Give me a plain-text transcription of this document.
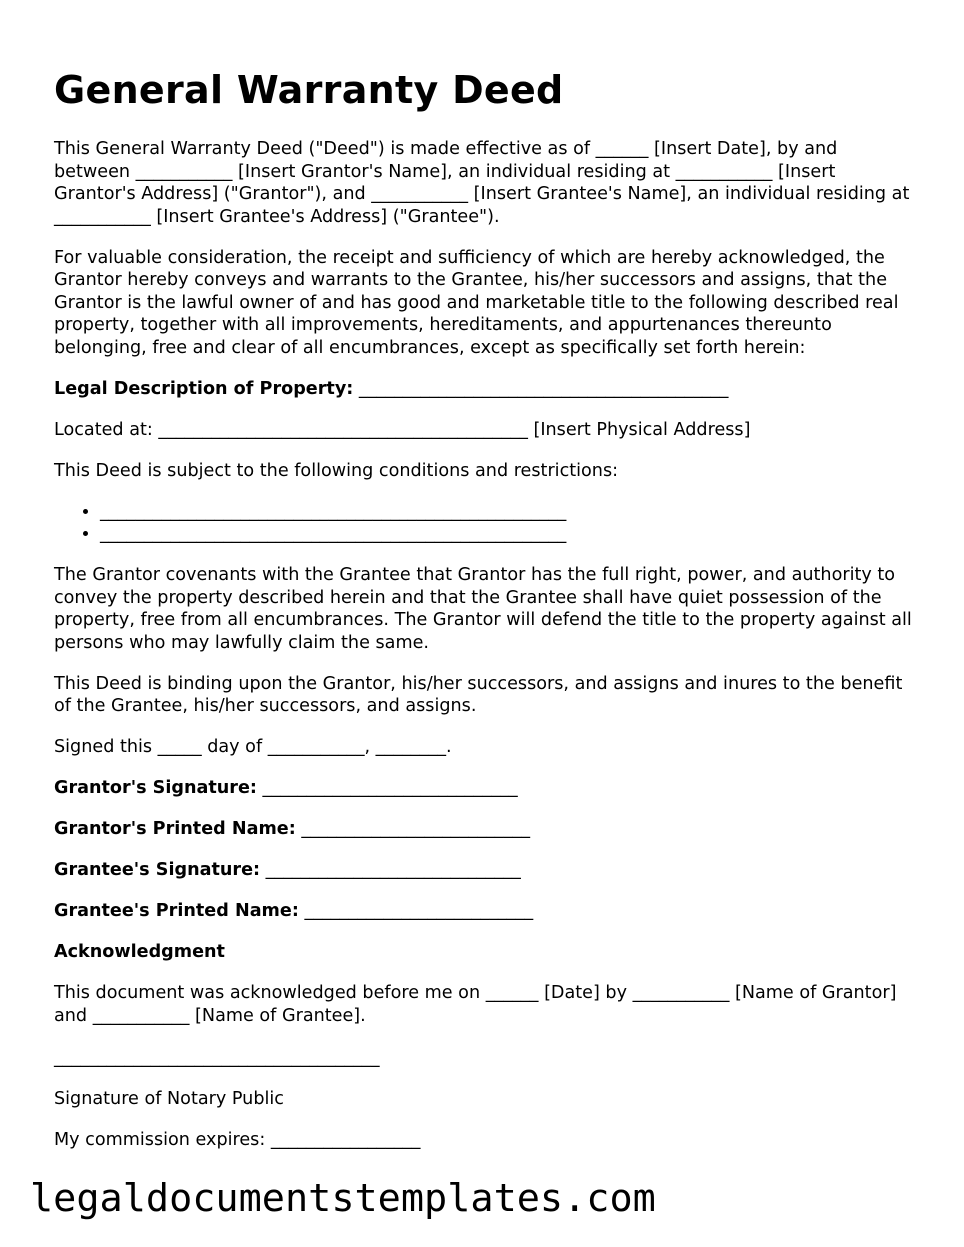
General Warranty Deed

This General Warranty Deed ("Deed") is made effective as of ______ [Insert Date], by and between ___________ [Insert Grantor's Name], an individual residing at ___________ [Insert Grantor's Address] ("Grantor"), and ___________ [Insert Grantee's Name], an individual residing at ___________ [Insert Grantee's Address] ("Grantee").

For valuable consideration, the receipt and sufficiency of which are hereby acknowledged, the Grantor hereby conveys and warrants to the Grantee, his/her successors and assigns, that the Grantor is the lawful owner of and has good and marketable title to the following described real property, together with all improvements, hereditaments, and appurtenances thereunto belonging, free and clear of all encumbrances, except as specifically set forth herein:

Legal Description of Property: __________________________________________

Located at: __________________________________________ [Insert Physical Address]

This Deed is subject to the following conditions and restrictions:

• _____________________________________________________
• _____________________________________________________

The Grantor covenants with the Grantee that Grantor has the full right, power, and authority to convey the property described herein and that the Grantee shall have quiet possession of the property, free from all encumbrances. The Grantor will defend the title to the property against all persons who may lawfully claim the same.

This Deed is binding upon the Grantor, his/her successors, and assigns and inures to the benefit of the Grantee, his/her successors, and assigns.

Signed this _____ day of ___________, ________.

Grantor's Signature: _____________________________

Grantor's Printed Name: __________________________

Grantee's Signature: _____________________________

Grantee's Printed Name: __________________________

Acknowledgment

This document was acknowledged before me on ______ [Date] by ___________ [Name of Grantor] and ___________ [Name of Grantee].

_____________________________________

Signature of Notary Public

My commission expires: _________________

legaldocumentstemplates.com
